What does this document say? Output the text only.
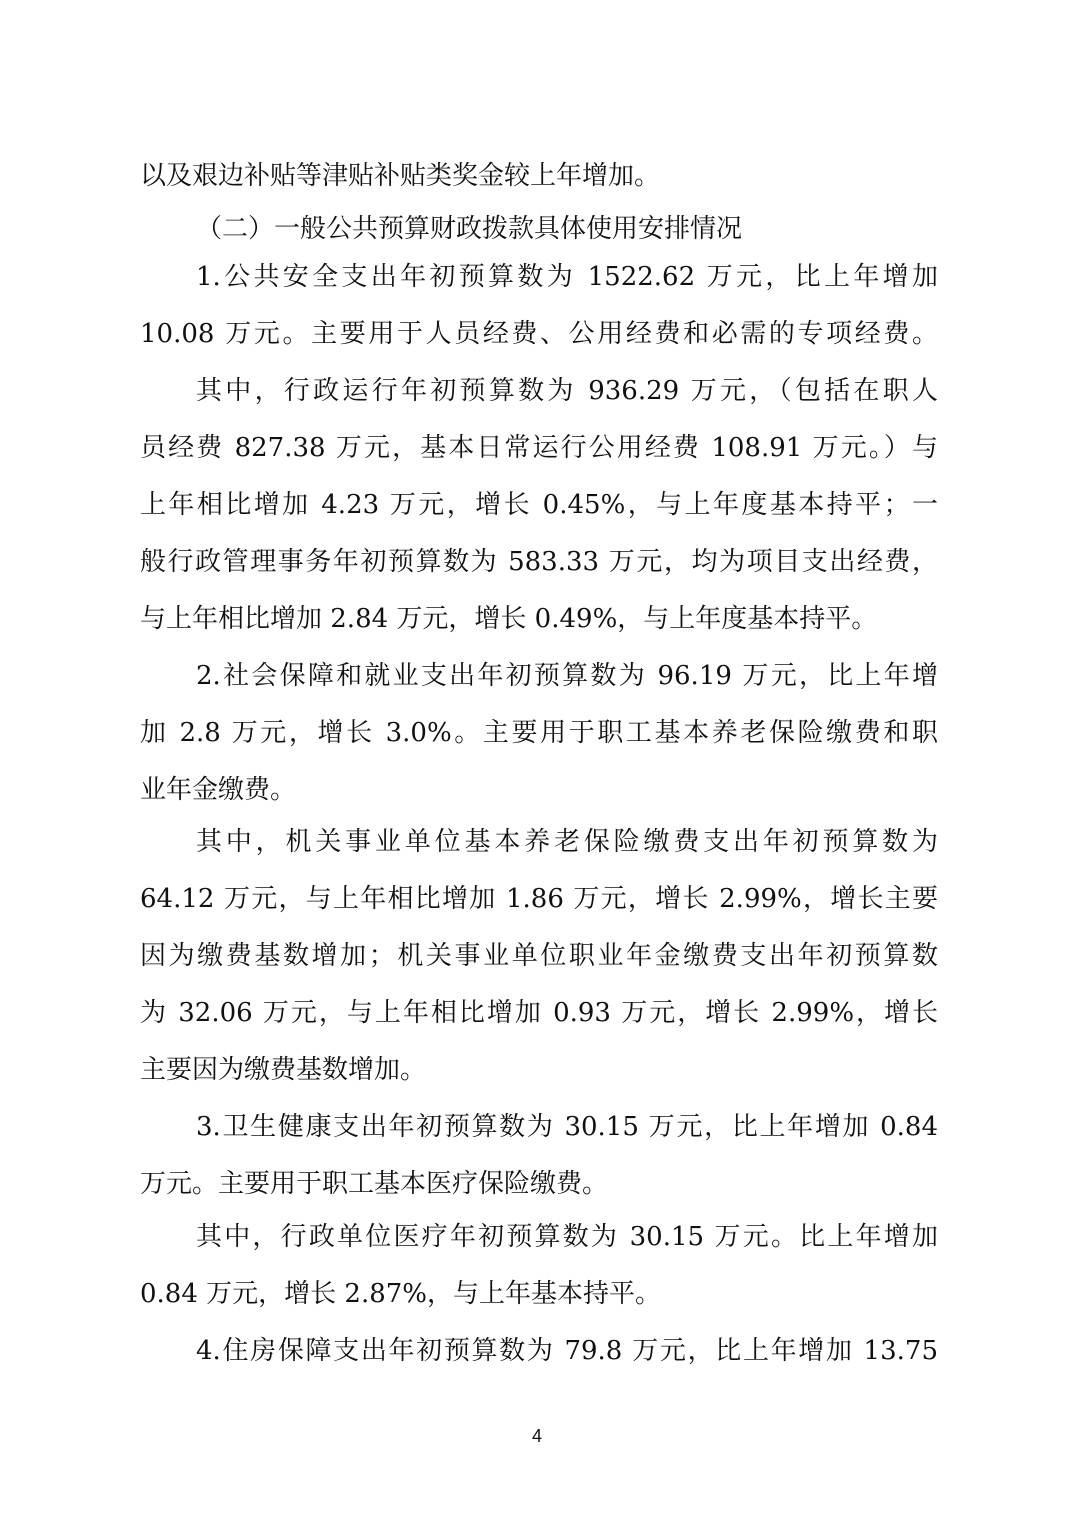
以及艰边补贴等津贴补贴类奖金较上年增加。
（二）一般公共预算财政拨款具体使用安排情况
1.公共安全支出年初预算数为 1522.62 万元，比上年增加
10.08 万元。主要用于人员经费、公用经费和必需的专项经费。
其中，行政运行年初预算数为 936.29 万元，（包括在职人
员经费 827.38 万元，基本日常运行公用经费 108.91 万元。）与
上年相比增加 4.23 万元，增长 0.45%，与上年度基本持平；一
般行政管理事务年初预算数为 583.33 万元，均为项目支出经费，
与上年相比增加 2.84 万元，增长 0.49%，与上年度基本持平。
2.社会保障和就业支出年初预算数为 96.19 万元，比上年增
加 2.8 万元，增长 3.0%。主要用于职工基本养老保险缴费和职
业年金缴费。
其中，机关事业单位基本养老保险缴费支出年初预算数为
64.12 万元，与上年相比增加 1.86 万元，增长 2.99%，增长主要
因为缴费基数增加；机关事业单位职业年金缴费支出年初预算数
为 32.06 万元，与上年相比增加 0.93 万元，增长 2.99%，增长
主要因为缴费基数增加。
3.卫生健康支出年初预算数为 30.15 万元，比上年增加 0.84
万元。主要用于职工基本医疗保险缴费。
其中，行政单位医疗年初预算数为 30.15 万元。比上年增加
0.84 万元，增长 2.87%，与上年基本持平。
4.住房保障支出年初预算数为 79.8 万元，比上年增加 13.75
4
